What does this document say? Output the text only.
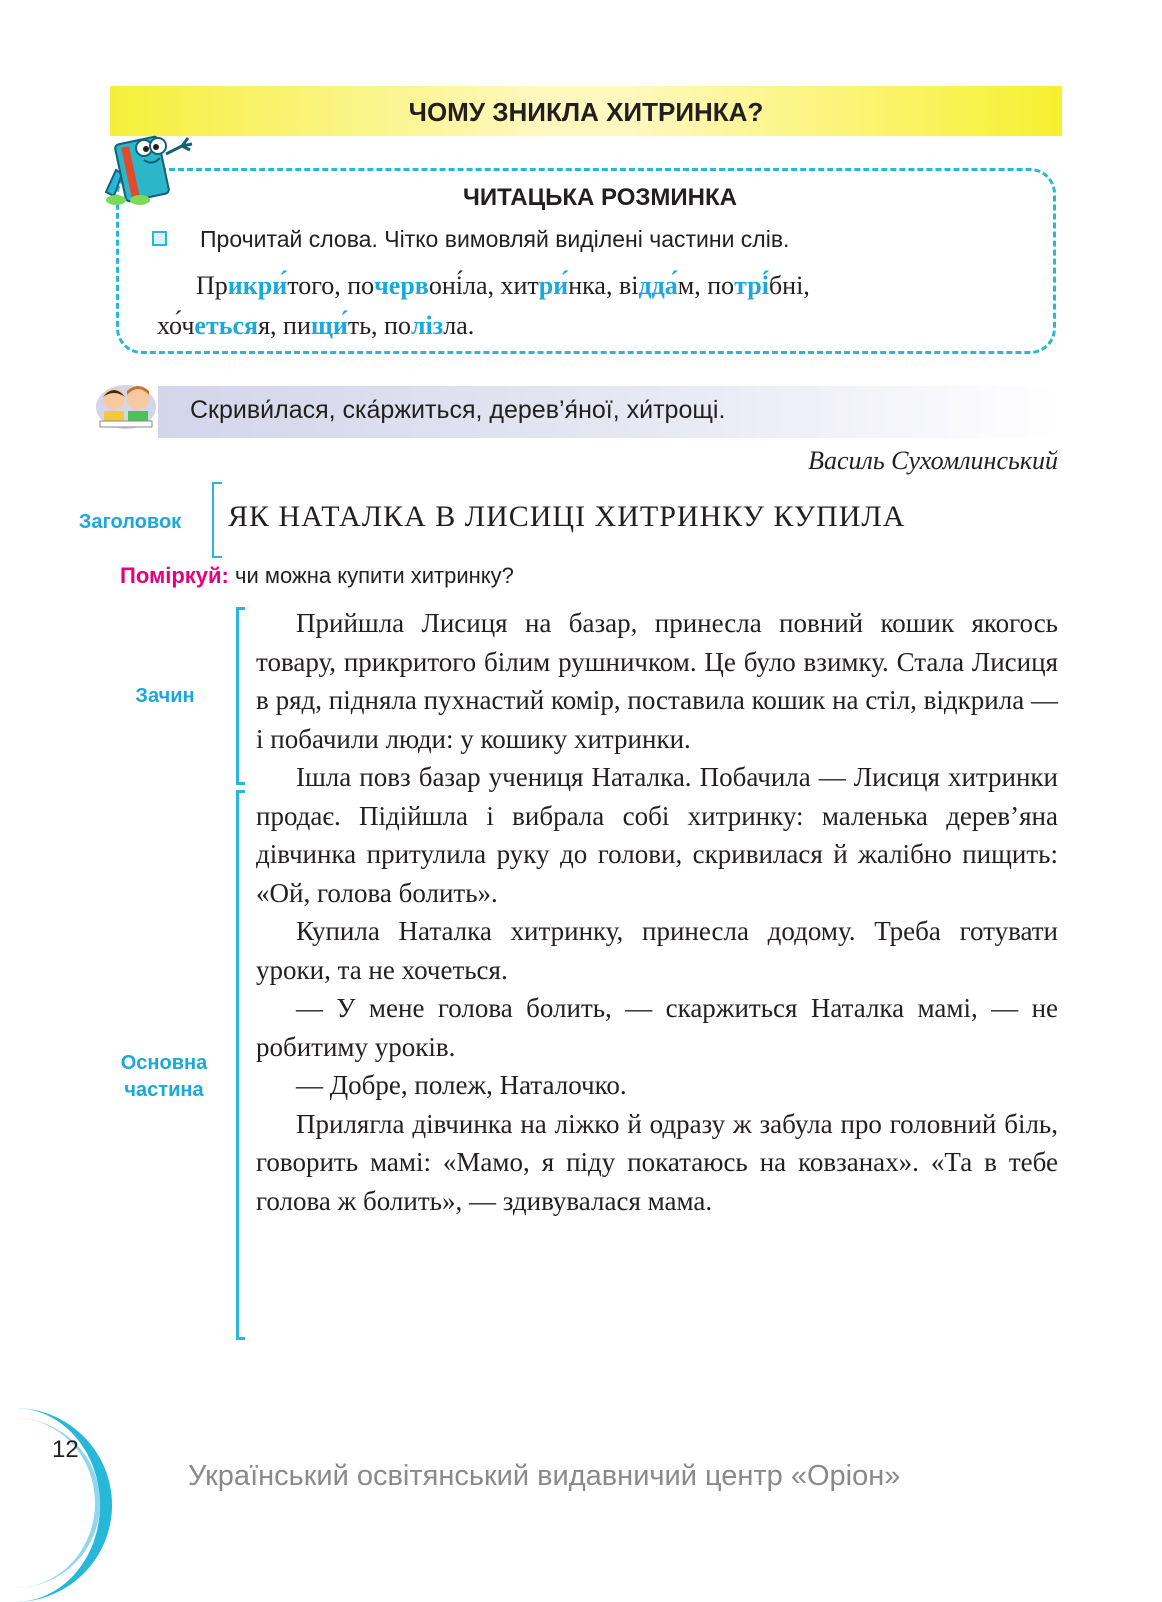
ЧОМУ ЗНИКЛА ХИТРИНКА?
ЧИТАЦЬКА РОЗМИНКА
Прочитай слова. Чітко вимовляй виділені частини слів.
Прикри́того, почервоні́ла, хитри́нка, відда́м, потрі́бні,
хо́четьсяя, пищи́ть, полізла.
Скриви́лася, ска́ржиться, дерев’я́ної, хи́трощі.
Василь Сухомлинський
Заголовок	ЯК НАТАЛКА В ЛИСИЦІ ХИТРИНКУ КУПИЛА
Поміркуй: чи можна купити хитринку?
Зачин
Основна
частина

Прийшла Лисиця на базар, принесла повний кошик якогось товару, прикритого білим рушничком. Це було взимку. Стала Лисиця в ряд, підняла пухнастий комір, поставила кошик на стіл, відкрила — і побачили люди: у кошику хитринки.

Ішла повз базар учениця Наталка. Побачила — Лисиця хитринки продає. Підійшла і вибрала собі хитринку: маленька дерев’яна дівчинка притулила руку до голови, скривилася й жалібно пищить: «Ой, голова болить».

Купила Наталка хитринку, принесла додому. Треба готувати уроки, та не хочеться.

— У мене голова болить, — скаржиться Наталка мамі, — не робитиму уроків.

— Добре, полеж, Наталочко.

Прилягла дівчинка на ліжко й одразу ж забула про головний біль, говорить мамі: «Мамо, я піду покатаюсь на ковзанах». «Та в тебе голова ж болить», — здивувалася мама.

12
Український освітянський видавничий центр «Оріон»
